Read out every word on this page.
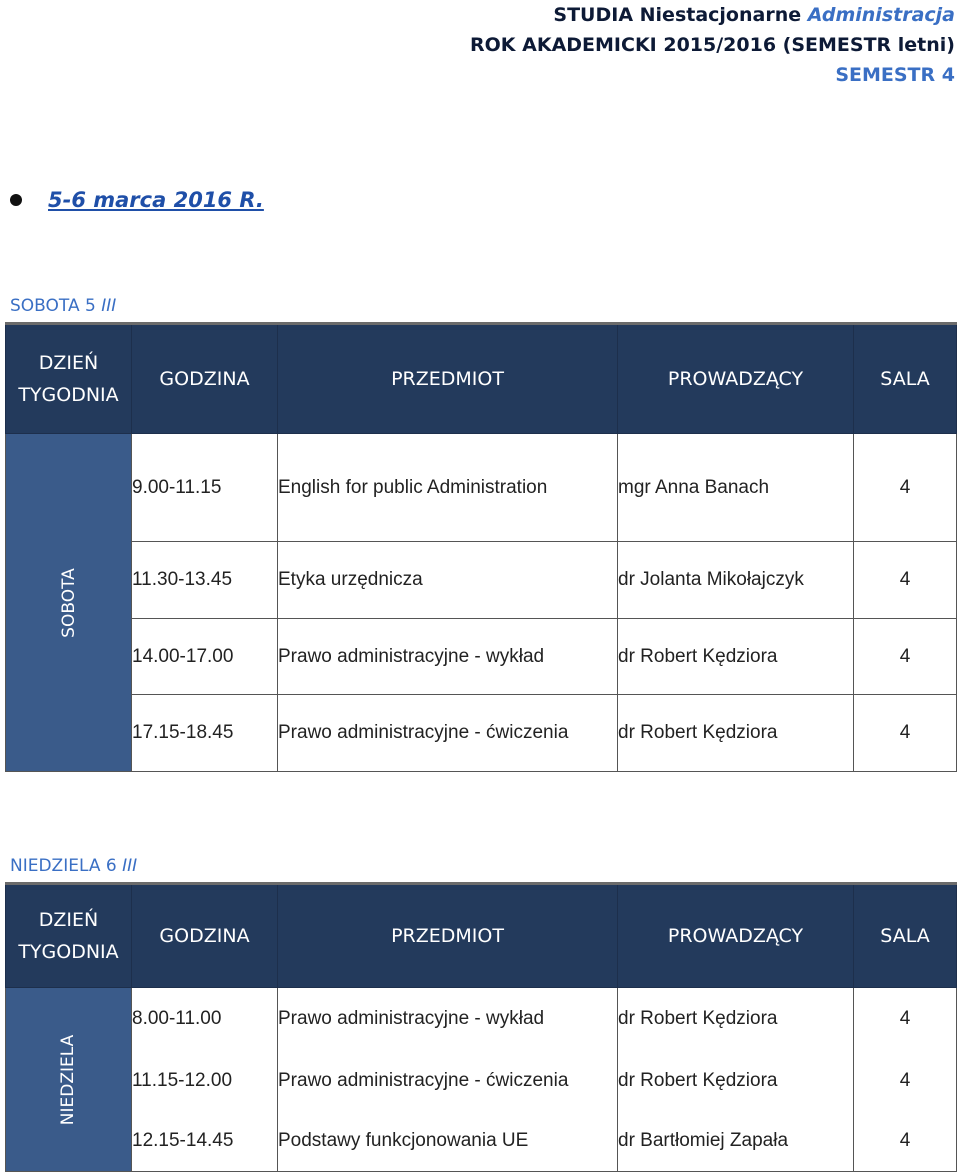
STUDIA Niestacjonarne Administracja
ROK AKADEMICKI 2015/2016 (SEMESTR letni)
SEMESTR 4
5-6 marca 2016 R.
SOBOTA 5 III
DZIEŃ TYGODNIA	GODZINA	PRZEDMIOT	PROWADZĄCY	SALA
SOBOTA	9.00-11.15	English for public Administration	mgr Anna Banach	4
	11.30-13.45	Etyka urzędnicza	dr Jolanta Mikołajczyk	4
	14.00-17.00	Prawo administracyjne - wykład	dr Robert Kędziora	4
	17.15-18.45	Prawo administracyjne - ćwiczenia	dr Robert Kędziora	4
NIEDZIELA 6 III
DZIEŃ TYGODNIA	GODZINA	PRZEDMIOT	PROWADZĄCY	SALA
NIEDZIELA	8.00-11.00	Prawo administracyjne - wykład	dr Robert Kędziora	4
	11.15-12.00	Prawo administracyjne - ćwiczenia	dr Robert Kędziora	4
	12.15-14.45	Podstawy funkcjonowania UE	dr Bartłomiej Zapała	4
